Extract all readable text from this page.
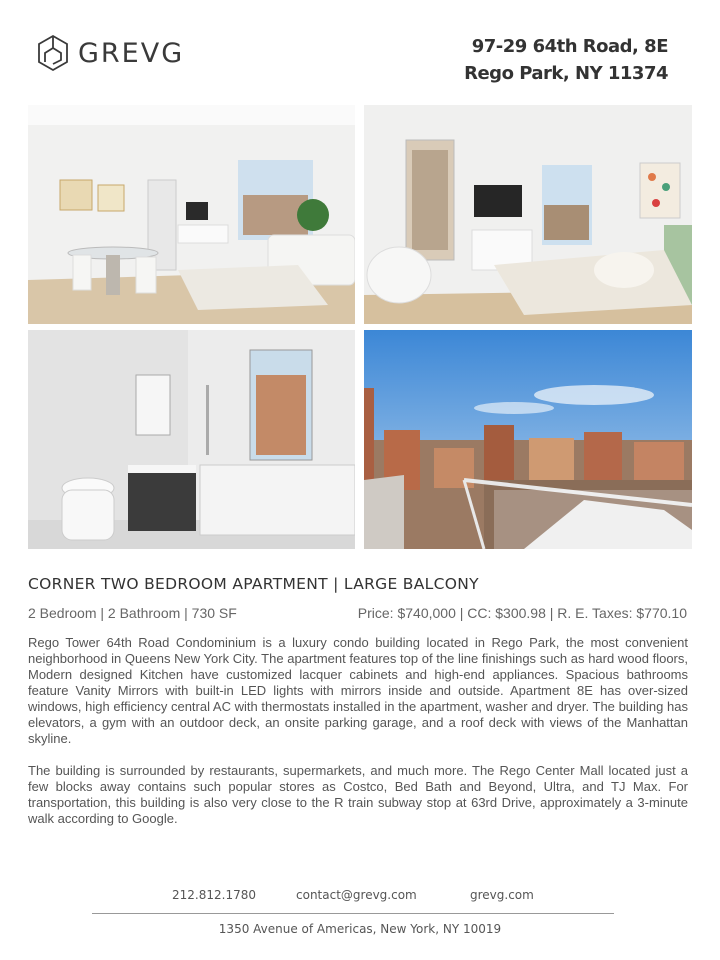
GREVG	97-29 64th Road, 8E
Rego Park, NY 11374
CORNER TWO BEDROOM APARTMENT | LARGE BALCONY
2 Bedroom | 2 Bathroom | 730 SF	Price: $740,000 | CC: $300.98 | R. E. Taxes: $770.10

Rego Tower 64th Road Condominium is a luxury condo building located in Rego Park, the most convenient neighborhood in Queens New York City. The apartment features top of the line finishings such as hard wood floors, Modern designed Kitchen have customized lacquer cabinets and high-end appliances. Spacious bathrooms feature Vanity Mirrors with built-in LED lights with mirrors inside and outside. Apartment 8E has over-sized windows, high efficiency central AC with thermostats installed in the apartment, washer and dryer. The building has elevators, a gym with an outdoor deck, an onsite parking garage, and a roof deck with views of the Manhattan skyline.

The building is surrounded by restaurants, supermarkets, and much more. The Rego Center Mall located just a few blocks away contains such popular stores as Costco, Bed Bath and Beyond, Ultra, and TJ Max. For transportation, this building is also very close to the R train subway stop at 63rd Drive, approximately a 3-minute walk according to Google.

212.812.1780	contact@grevg.com	grevg.com
1350 Avenue of Americas, New York, NY 10019
